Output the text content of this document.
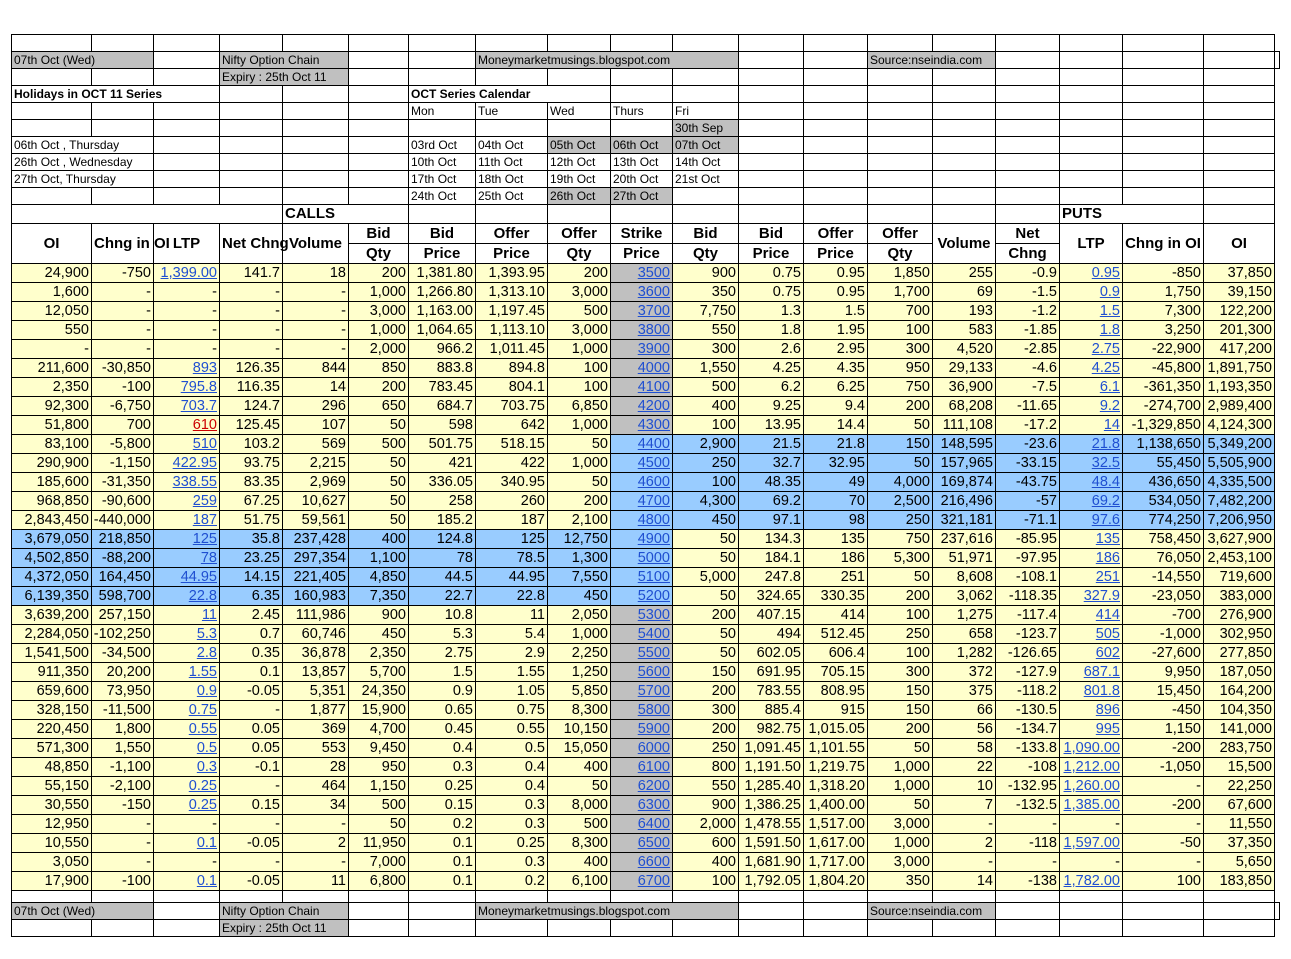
07th Oct (Wed)			Nifty Option Chain				Moneymarketmusings.blogspot.com						Source:nseindia.com						
			Expiry : 25th Oct 11																
Holidays in OCT 11 Series						OCT Series Calendar													
						Mon	Tue	Wed	Thurs	Fri									
										30th Sep									
06th Oct , Thursday						03rd Oct	04th Oct	05th Oct	06th Oct	07th Oct									
26th Oct , Wednesday						10th Oct	11th Oct	12th Oct	13th Oct	14th Oct									
27th Oct, Thursday						17th Oct	18th Oct	19th Oct	20th Oct	21st Oct									
						24th Oct	25th Oct	26th Oct	27th Oct										
				CALLS												PUTS			
OI	Chng in OI	LTP	Net Chng	Volume	Bid	Bid	Offer	Offer	Strike	Bid	Bid	Offer	Offer	Volume	Net	LTP	Chng in OI	OI	
					Qty	Price	Price	Qty	Price	Qty	Price	Price	Qty		Chng				
24,900	-750	1,399.00	141.7	18	200	1,381.80	1,393.95	200	3500	900	0.75	0.95	1,850	255	-0.9	0.95	-850	37,850	
1,600	-	-	-	-	1,000	1,266.80	1,313.10	3,000	3600	350	0.75	0.95	1,700	69	-1.5	0.9	1,750	39,150	
12,050	-	-	-	-	3,000	1,163.00	1,197.45	500	3700	7,750	1.3	1.5	700	193	-1.2	1.5	7,300	122,200	
550	-	-	-	-	1,000	1,064.65	1,113.10	3,000	3800	550	1.8	1.95	100	583	-1.85	1.8	3,250	201,300	
-	-	-	-	-	2,000	966.2	1,011.45	1,000	3900	300	2.6	2.95	300	4,520	-2.85	2.75	-22,900	417,200	
211,600	-30,850	893	126.35	844	850	883.8	894.8	100	4000	1,550	4.25	4.35	950	29,133	-4.6	4.25	-45,800	1,891,750	
2,350	-100	795.8	116.35	14	200	783.45	804.1	100	4100	500	6.2	6.25	750	36,900	-7.5	6.1	-361,350	1,193,350	
92,300	-6,750	703.7	124.7	296	650	684.7	703.75	6,850	4200	400	9.25	9.4	200	68,208	-11.65	9.2	-274,700	2,989,400	
51,800	700	610	125.45	107	50	598	642	1,000	4300	100	13.95	14.4	50	111,108	-17.2	14	-1,329,850	4,124,300	
83,100	-5,800	510	103.2	569	500	501.75	518.15	50	4400	2,900	21.5	21.8	150	148,595	-23.6	21.8	1,138,650	5,349,200	
290,900	-1,150	422.95	93.75	2,215	50	421	422	1,000	4500	250	32.7	32.95	50	157,965	-33.15	32.5	55,450	5,505,900	
185,600	-31,350	338.55	83.35	2,969	50	336.05	340.95	50	4600	100	48.35	49	4,000	169,874	-43.75	48.4	436,650	4,335,500	
968,850	-90,600	259	67.25	10,627	50	258	260	200	4700	4,300	69.2	70	2,500	216,496	-57	69.2	534,050	7,482,200	
2,843,450	-440,000	187	51.75	59,561	50	185.2	187	2,100	4800	450	97.1	98	250	321,181	-71.1	97.6	774,250	7,206,950	
3,679,050	218,850	125	35.8	237,428	400	124.8	125	12,750	4900	50	134.3	135	750	237,616	-85.95	135	758,450	3,627,900	
4,502,850	-88,200	78	23.25	297,354	1,100	78	78.5	1,300	5000	50	184.1	186	5,300	51,971	-97.95	186	76,050	2,453,100	
4,372,050	164,450	44.95	14.15	221,405	4,850	44.5	44.95	7,550	5100	5,000	247.8	251	50	8,608	-108.1	251	-14,550	719,600	
6,139,350	598,700	22.8	6.35	160,983	7,350	22.7	22.8	450	5200	50	324.65	330.35	200	3,062	-118.35	327.9	-23,050	383,000	
3,639,200	257,150	11	2.45	111,986	900	10.8	11	2,050	5300	200	407.15	414	100	1,275	-117.4	414	-700	276,900	
2,284,050	-102,250	5.3	0.7	60,746	450	5.3	5.4	1,000	5400	50	494	512.45	250	658	-123.7	505	-1,000	302,950	
1,541,500	-34,500	2.8	0.35	36,878	2,350	2.75	2.9	2,250	5500	50	602.05	606.4	100	1,282	-126.65	602	-27,600	277,850	
911,350	20,200	1.55	0.1	13,857	5,700	1.5	1.55	1,250	5600	150	691.95	705.15	300	372	-127.9	687.1	9,950	187,050	
659,600	73,950	0.9	-0.05	5,351	24,350	0.9	1.05	5,850	5700	200	783.55	808.95	150	375	-118.2	801.8	15,450	164,200	
328,150	-11,500	0.75	-	1,877	15,900	0.65	0.75	8,300	5800	300	885.4	915	150	66	-130.5	896	-450	104,350	
220,450	1,800	0.55	0.05	369	4,700	0.45	0.55	10,150	5900	200	982.75	1,015.05	200	56	-134.7	995	1,150	141,000	
571,300	1,550	0.5	0.05	553	9,450	0.4	0.5	15,050	6000	250	1,091.45	1,101.55	50	58	-133.8	1,090.00	-200	283,750	
48,850	-1,100	0.3	-0.1	28	950	0.3	0.4	400	6100	800	1,191.50	1,219.75	1,000	22	-108	1,212.00	-1,050	15,500	
55,150	-2,100	0.25	-	464	1,150	0.25	0.4	50	6200	550	1,285.40	1,318.20	1,000	10	-132.95	1,260.00	-	22,250	
30,550	-150	0.25	0.15	34	500	0.15	0.3	8,000	6300	900	1,386.25	1,400.00	50	7	-132.5	1,385.00	-200	67,600	
12,950	-	-	-	-	50	0.2	0.3	500	6400	2,000	1,478.55	1,517.00	3,000	-	-	-	-	11,550	
10,550	-	0.1	-0.05	2	11,950	0.1	0.25	8,300	6500	600	1,591.50	1,617.00	1,000	2	-118	1,597.00	-50	37,350	
3,050	-	-	-	-	7,000	0.1	0.3	400	6600	400	1,681.90	1,717.00	3,000	-	-	-	-	5,650	
17,900	-100	0.1	-0.05	11	6,800	0.1	0.2	6,100	6700	100	1,792.05	1,804.20	350	14	-138	1,782.00	100	183,850	

07th Oct (Wed)			Nifty Option Chain				Moneymarketmusings.blogspot.com						Source:nseindia.com						
			Expiry : 25th Oct 11																
